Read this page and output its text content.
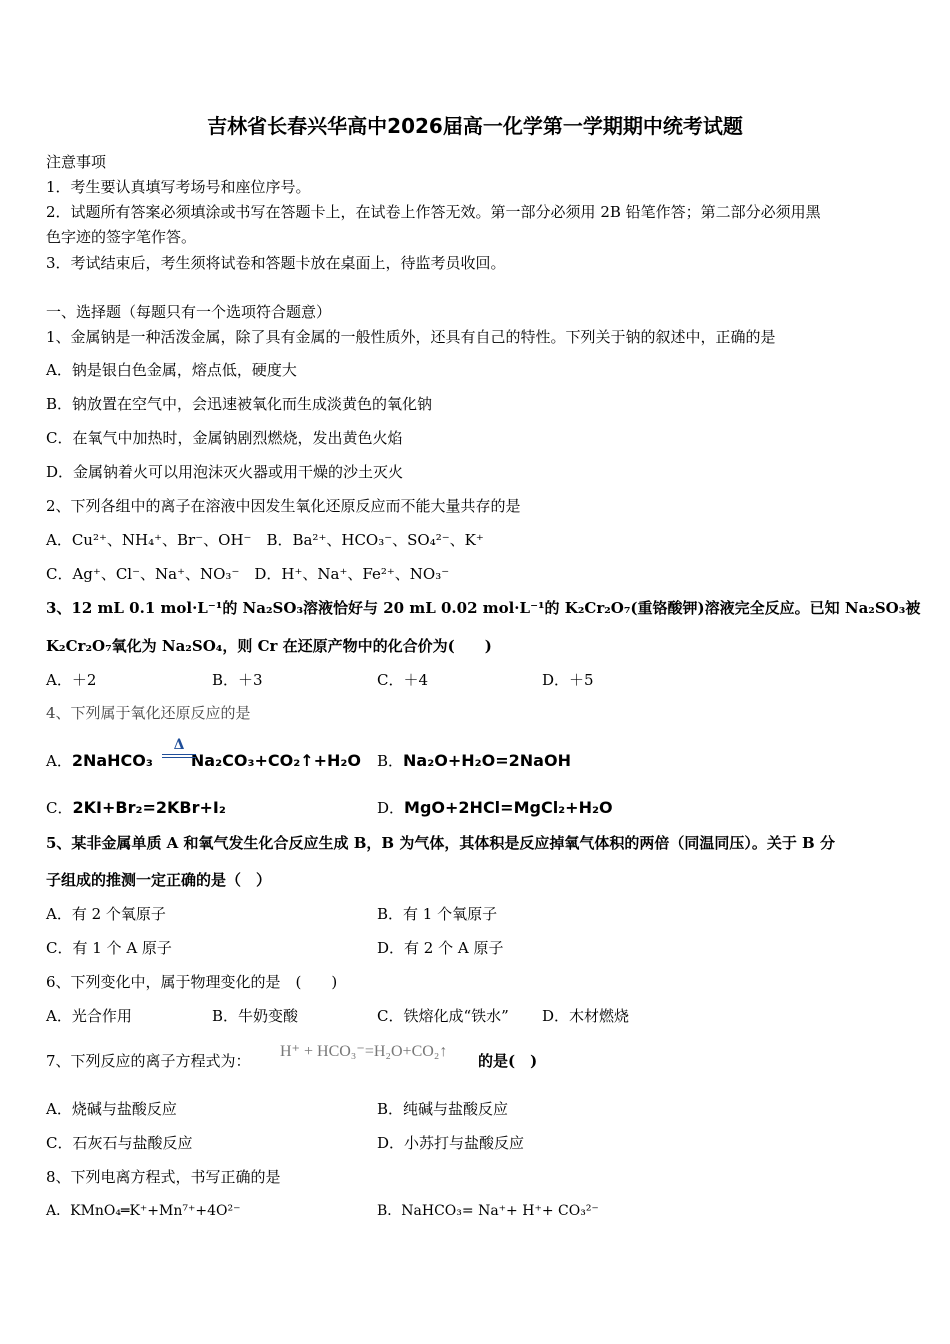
吉林省长春兴华高中2026届高一化学第一学期期中统考试题
注意事项
1．考生要认真填写考场号和座位序号。
2．试题所有答案必须填涂或书写在答题卡上，在试卷上作答无效。第一部分必须用 2B 铅笔作答；第二部分必须用黑
色字迹的签字笔作答。
3．考试结束后，考生须将试卷和答题卡放在桌面上，待监考员收回。
一、选择题（每题只有一个选项符合题意）
1、金属钠是一种活泼金属，除了具有金属的一般性质外，还具有自己的特性。下列关于钠的叙述中，正确的是
A．钠是银白色金属，熔点低，硬度大
B．钠放置在空气中，会迅速被氧化而生成淡黄色的氧化钠
C．在氧气中加热时，金属钠剧烈燃烧，发出黄色火焰
D．金属钠着火可以用泡沫灭火器或用干燥的沙土灭火
2、下列各组中的离子在溶液中因发生氧化还原反应而不能大量共存的是
A．Cu²⁺、NH₄⁺、Br⁻、OH⁻　B．Ba²⁺、HCO₃⁻、SO₄²⁻、K⁺
C．Ag⁺、Cl⁻、Na⁺、NO₃⁻　D．H⁺、Na⁺、Fe²⁺、NO₃⁻
3、12 mL 0.1 mol·L⁻¹的 Na₂SO₃溶液恰好与 20 mL 0.02 mol·L⁻¹的 K₂Cr₂O₇(重铬酸钾)溶液完全反应。已知 Na₂SO₃被
K₂Cr₂O₇氧化为 Na₂SO₄，则 Cr 在还原产物中的化合价为(　　)
A．＋2	B．＋3	C．＋4	D．＋5
4、下列属于氧化还原反应的是
A．2NaHCO₃ Na₂CO₃+CO₂↑+H₂O
Δ
B．Na₂O+H₂O=2NaOH
C．2KI+Br₂=2KBr+I₂	D．MgO+2HCl=MgCl₂+H₂O
5、某非金属单质 A 和氧气发生化合反应生成 B，B 为气体，其体积是反应掉氧气体积的两倍（同温同压）。关于 B 分
子组成的推测一定正确的是（　）
A．有 2 个氧原子	B．有 1 个氧原子
C．有 1 个 A 原子	D．有 2 个 A 原子
6、下列变化中，属于物理变化的是　(　　)
A．光合作用	B．牛奶变酸	C．铁熔化成“铁水” D．木材燃烧
7、下列反应的离子方程式为：
H⁺ + HCO₃⁻=H₂O+CO₂↑
的是(　)
A．烧碱与盐酸反应	B．纯碱与盐酸反应
C．石灰石与盐酸反应	D．小苏打与盐酸反应
8、下列电离方程式，书写正确的是
A．KMnO₄═K⁺+Mn⁷⁺+4O²⁻	B．NaHCO₃= Na⁺+ H⁺+ CO₃²⁻
